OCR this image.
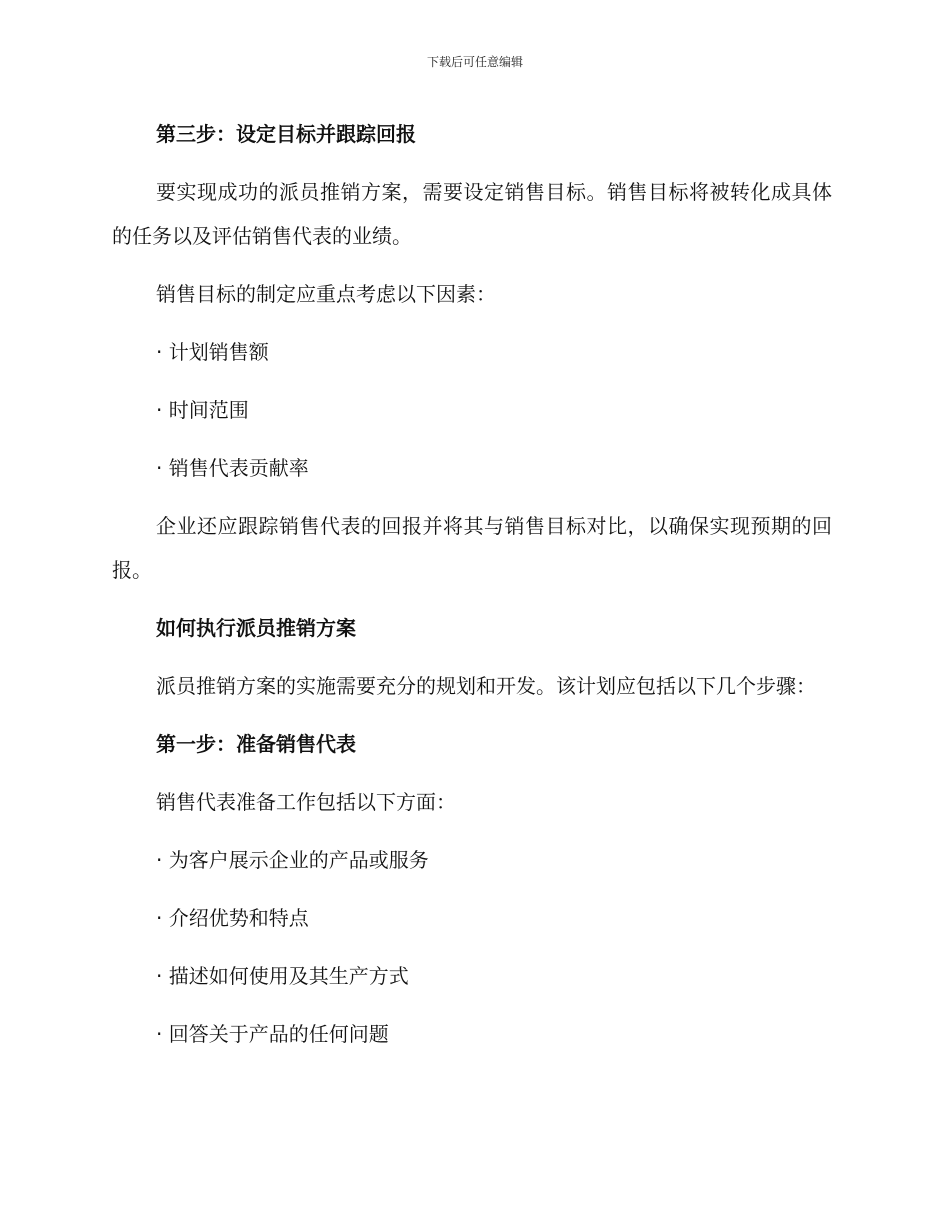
下载后可任意编辑

第三步：设定目标并跟踪回报

要实现成功的派员推销方案，需要设定销售目标。销售目标将被转化成具体的任务以及评估销售代表的业绩。

销售目标的制定应重点考虑以下因素：

· 计划销售额

· 时间范围

· 销售代表贡献率

企业还应跟踪销售代表的回报并将其与销售目标对比，以确保实现预期的回报。

如何执行派员推销方案

派员推销方案的实施需要充分的规划和开发。该计划应包括以下几个步骤：

第一步：准备销售代表

销售代表准备工作包括以下方面：

· 为客户展示企业的产品或服务

· 介绍优势和特点

· 描述如何使用及其生产方式

· 回答关于产品的任何问题
